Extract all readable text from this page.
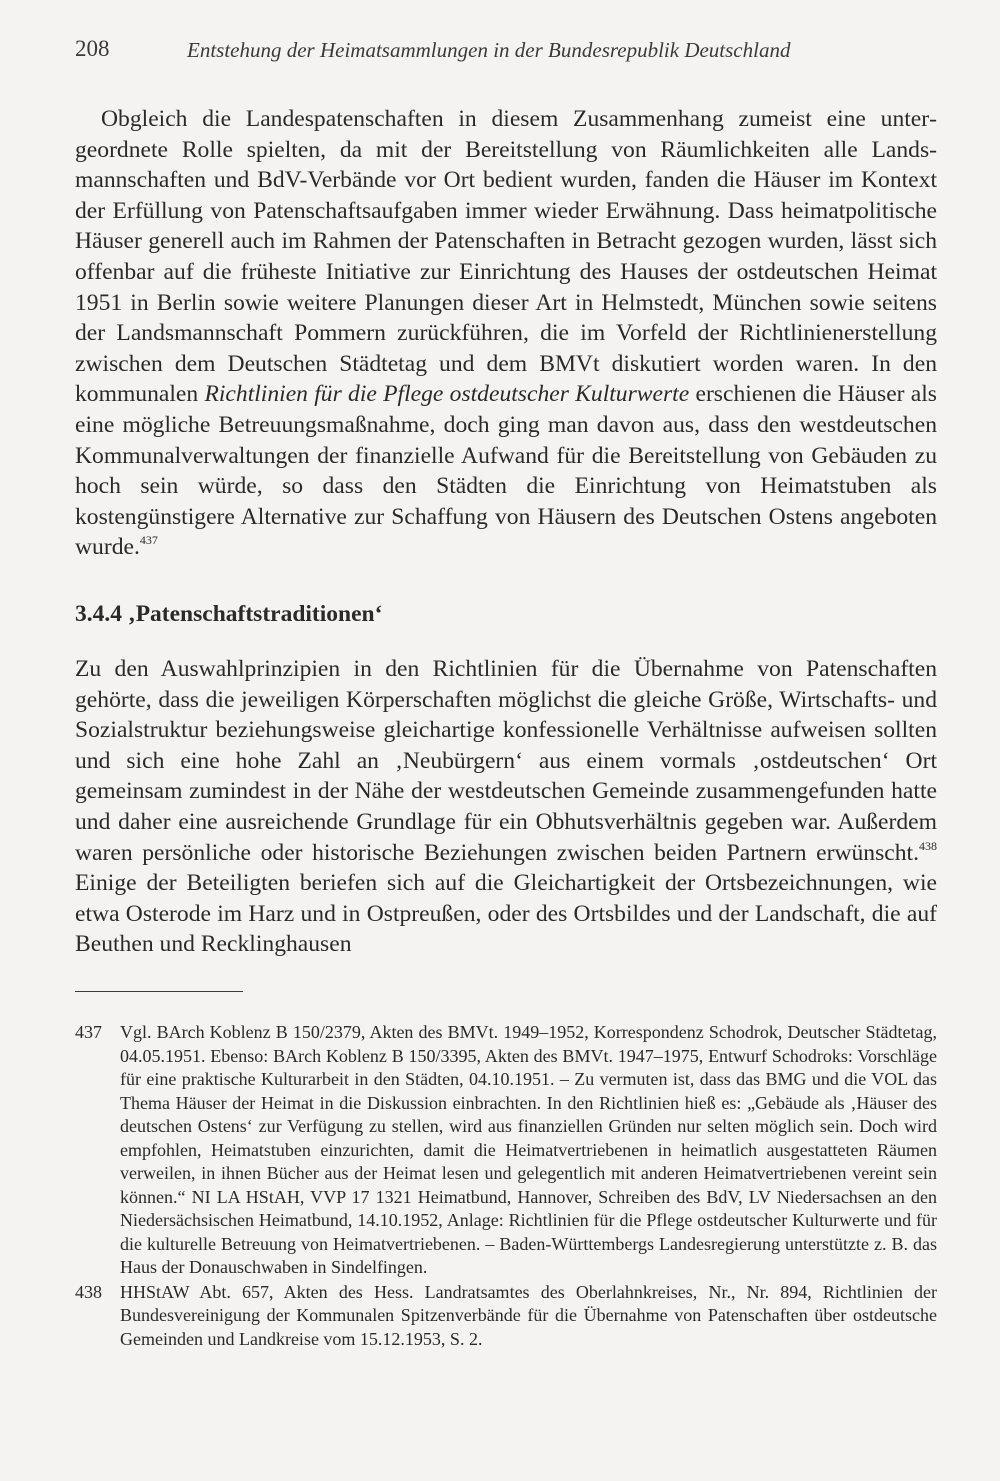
208	Entstehung der Heimatsammlungen in der Bundesrepublik Deutschland

Obgleich die Landespatenschaften in diesem Zusammenhang zumeist eine untergeordnete Rolle spielten, da mit der Bereitstellung von Räumlichkeiten alle Landsmannschaften und BdV-Verbände vor Ort bedient wurden, fanden die Häuser im Kontext der Erfüllung von Patenschaftsaufgaben immer wieder Erwähnung. Dass heimatpolitische Häuser generell auch im Rahmen der Patenschaften in Betracht gezogen wurden, lässt sich offenbar auf die früheste Initiative zur Einrichtung des Hauses der ostdeutschen Heimat 1951 in Berlin sowie weitere Planungen dieser Art in Helmstedt, München sowie seitens der Landsmannschaft Pommern zurückführen, die im Vorfeld der Richtlinienerstellung zwischen dem Deutschen Städtetag und dem BMVt diskutiert worden waren. In den kommunalen Richtlinien für die Pflege ostdeutscher Kulturwerte erschienen die Häuser als eine mögliche Betreuungsmaßnahme, doch ging man davon aus, dass den westdeutschen Kommunalverwaltungen der finanzielle Aufwand für die Bereitstellung von Gebäuden zu hoch sein würde, so dass den Städten die Einrichtung von Heimatstuben als kostengünstigere Alternative zur Schaffung von Häusern des Deutschen Ostens angeboten wurde.$^{437}$

3.4.4 ‚Patenschaftstraditionen‘

Zu den Auswahlprinzipien in den Richtlinien für die Übernahme von Patenschaften gehörte, dass die jeweiligen Körperschaften möglichst die gleiche Größe, Wirtschafts- und Sozialstruktur beziehungsweise gleichartige konfessionelle Verhältnisse aufweisen sollten und sich eine hohe Zahl an ‚Neubürgern‘ aus einem vormals ‚ostdeutschen‘ Ort gemeinsam zumindest in der Nähe der westdeutschen Gemeinde zusammengefunden hatte und daher eine ausreichende Grundlage für ein Obhutsverhältnis gegeben war. Außerdem waren persönliche oder historische Beziehungen zwischen beiden Partnern erwünscht.$^{438}$ Einige der Beteiligten beriefen sich auf die Gleichartigkeit der Ortsbezeichnungen, wie etwa Osterode im Harz und in Ostpreußen, oder des Ortsbildes und der Landschaft, die auf Beuthen und Recklinghausen

437 Vgl. BArch Koblenz B 150/2379, Akten des BMVt. 1949–1952, Korrespondenz Schodrok, Deutscher Städtetag, 04.05.1951. Ebenso: BArch Koblenz B 150/3395, Akten des BMVt. 1947–1975, Entwurf Schodroks: Vorschläge für eine praktische Kulturarbeit in den Städten, 04.10.1951. – Zu vermuten ist, dass das BMG und die VOL das Thema Häuser der Heimat in die Diskussion einbrachten. In den Richtlinien hieß es: „Gebäude als ‚Häuser des deutschen Ostens‘ zur Verfügung zu stellen, wird aus finanziellen Gründen nur selten möglich sein. Doch wird empfohlen, Heimatstuben einzurichten, damit die Heimatvertriebenen in heimatlich ausgestatteten Räumen verweilen, in ihnen Bücher aus der Heimat lesen und gelegentlich mit anderen Heimatvertriebenen vereint sein können.“ NI LA HStAH, VVP 17 1321 Heimatbund, Hannover, Schreiben des BdV, LV Niedersachsen an den Niedersächsischen Heimatbund, 14.10.1952, Anlage: Richtlinien für die Pflege ostdeutscher Kulturwerte und für die kulturelle Betreuung von Heimatvertriebenen. – Baden-Württembergs Landesregierung unterstützte z. B. das Haus der Donauschwaben in Sindelfingen.

438 HHStAW Abt. 657, Akten des Hess. Landratsamtes des Oberlahnkreises, Nr., Nr. 894, Richtlinien der Bundesvereinigung der Kommunalen Spitzenverbände für die Übernahme von Patenschaften über ostdeutsche Gemeinden und Landkreise vom 15.12.1953, S. 2.
